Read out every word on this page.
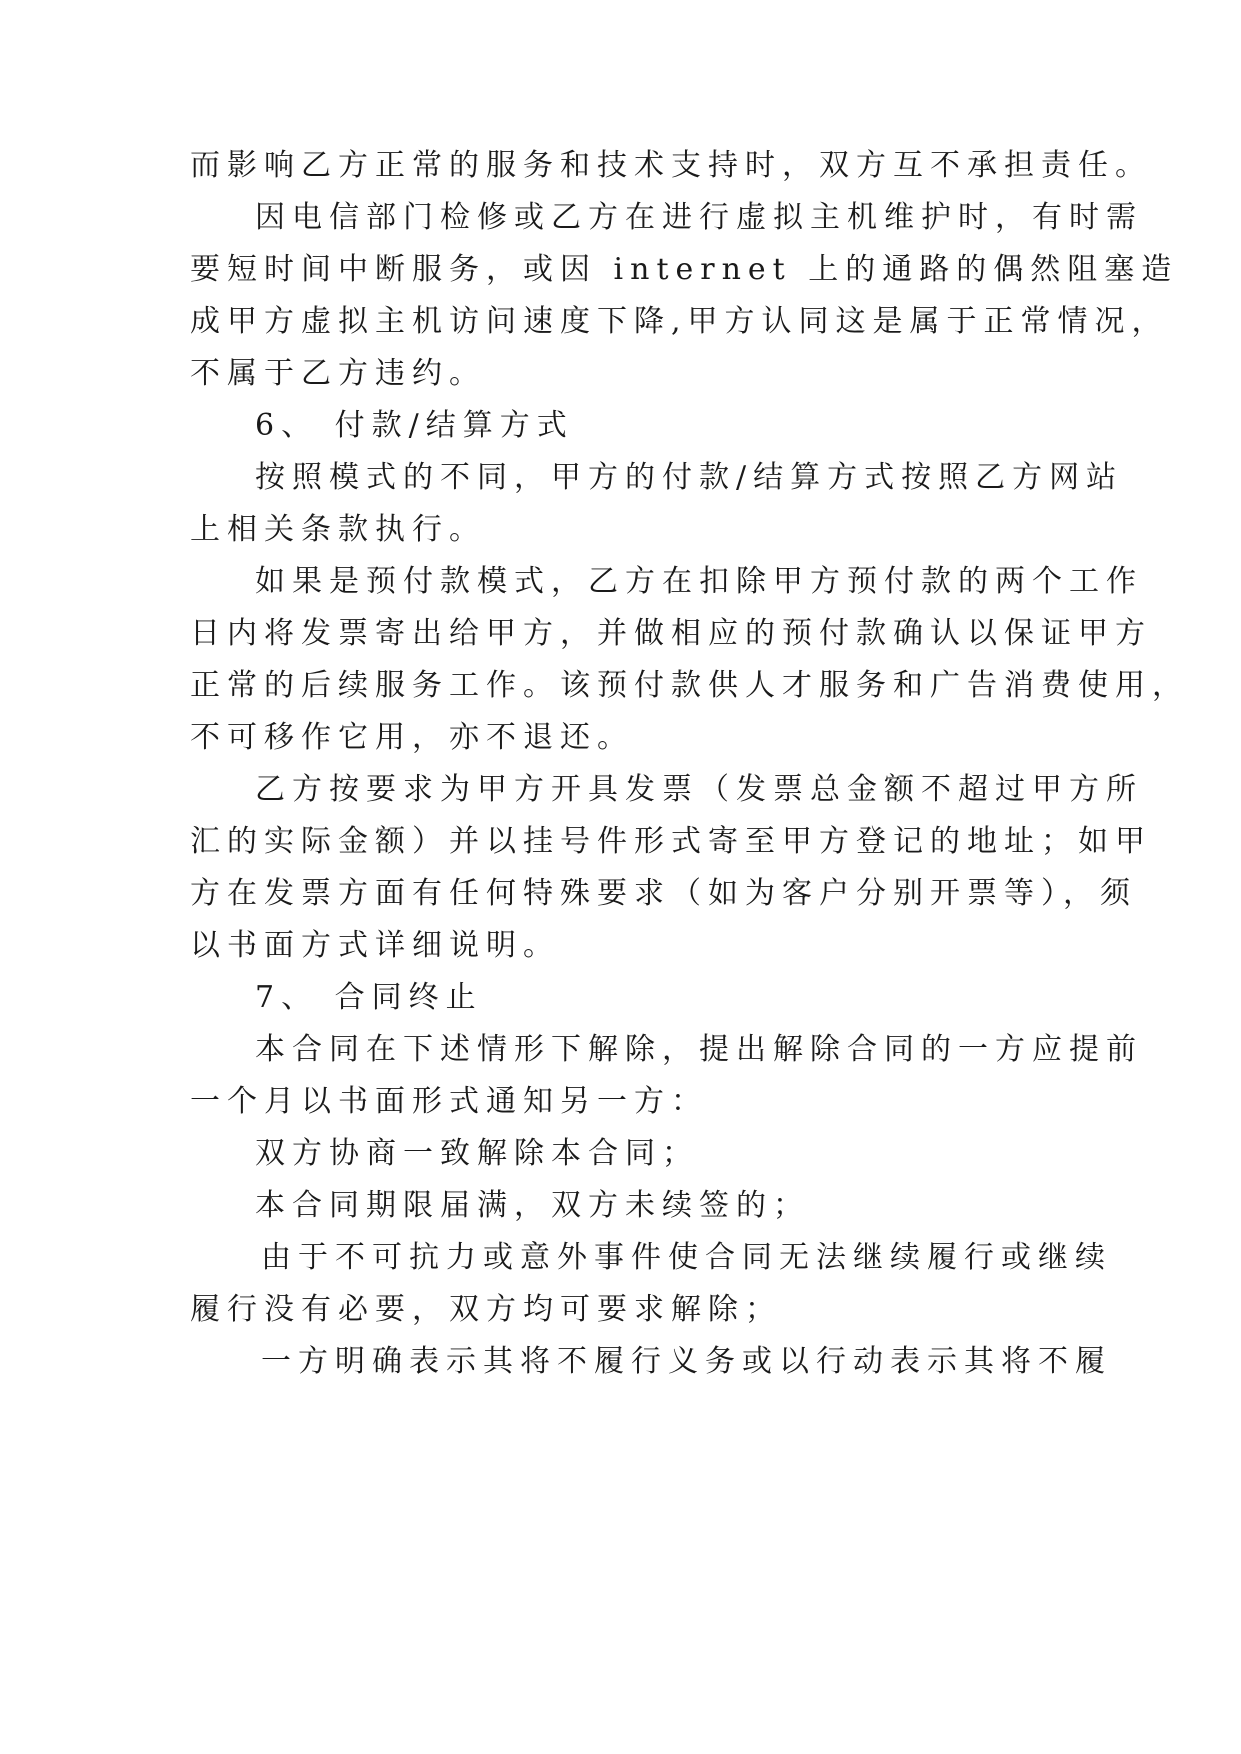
而影响乙方正常的服务和技术支持时，双方互不承担责任。
因电信部门检修或乙方在进行虚拟主机维护时，有时需
要短时间中断服务，或因 internet 上的通路的偶然阻塞造
成甲方虚拟主机访问速度下降,甲方认同这是属于正常情况，
不属于乙方违约。
6、 付款/结算方式
按照模式的不同，甲方的付款/结算方式按照乙方网站
上相关条款执行。
如果是预付款模式，乙方在扣除甲方预付款的两个工作
日内将发票寄出给甲方，并做相应的预付款确认以保证甲方
正常的后续服务工作。该预付款供人才服务和广告消费使用，
不可移作它用，亦不退还。
乙方按要求为甲方开具发票（发票总金额不超过甲方所
汇的实际金额）并以挂号件形式寄至甲方登记的地址；如甲
方在发票方面有任何特殊要求（如为客户分别开票等），须
以书面方式详细说明。
7、 合同终止
本合同在下述情形下解除，提出解除合同的一方应提前
一个月以书面形式通知另一方：
双方协商一致解除本合同；
本合同期限届满，双方未续签的；
由于不可抗力或意外事件使合同无法继续履行或继续
履行没有必要，双方均可要求解除；
一方明确表示其将不履行义务或以行动表示其将不履
